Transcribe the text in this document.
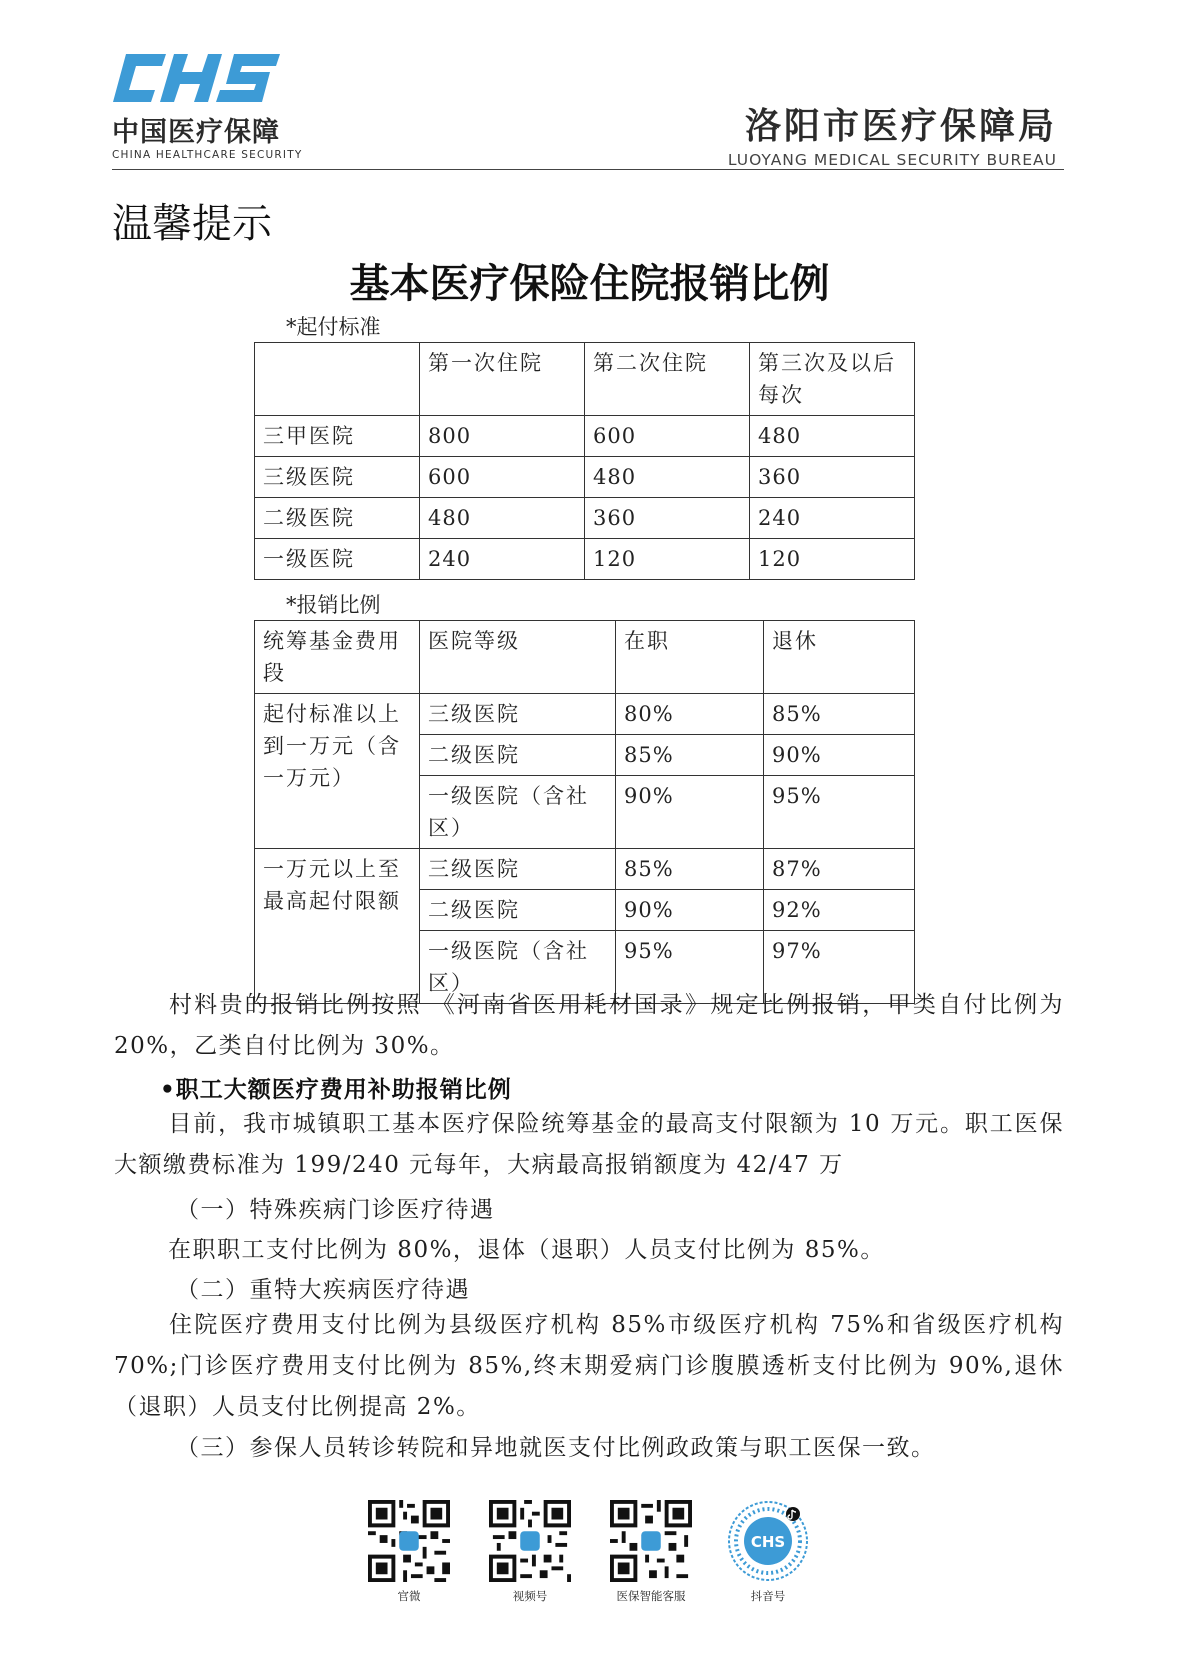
中国医疗保障
CHINA HEALTHCARE SECURITY
洛阳市医疗保障局
LUOYANG MEDICAL SECURITY BUREAU
温馨提示
基本医疗保险住院报销比例
*起付标准
	第一次住院	第二次住院	第三次及以后每次
三甲医院	800	600	480
三级医院	600	480	360
二级医院	480	360	240
一级医院	240	120	120
*报销比例
统筹基金费用段	医院等级	在职	退休
起付标准以上到一万元（含一万元）	三级医院	80%	85%
	二级医院	85%	90%
	一级医院（含社区）	90%	95%
一万元以上至最高起付限额	三级医院	85%	87%
	二级医院	90%	92%
	一级医院（含社区）	95%	97%
村料贵的报销比例按照 《河南省医用耗材国录》规定比例报销，甲类自付比例为 20%，乙类自付比例为 30%。
•职工大额医疗费用补助报销比例
目前，我市城镇职工基本医疗保险统筹基金的最高支付限额为 10 万元。职工医保大额缴费标准为 199/240 元每年，大病最高报销额度为 42/47 万
（一）特殊疾病门诊医疗待遇
在职职工支付比例为 80%，退体（退职）人员支付比例为 85%。
（二）重特大疾病医疗待遇
住院医疗费用支付比例为县级医疗机构 85%市级医疗机构 75%和省级医疗机构 70%;门诊医疗费用支付比例为 85%,终末期爱病门诊腹膜透析支付比例为 90%,退休（退职）人员支付比例提高 2%。
（三）参保人员转诊转院和异地就医支付比例政政策与职工医保一致。
官微	视频号	医保智能客服
CHS
抖音号
